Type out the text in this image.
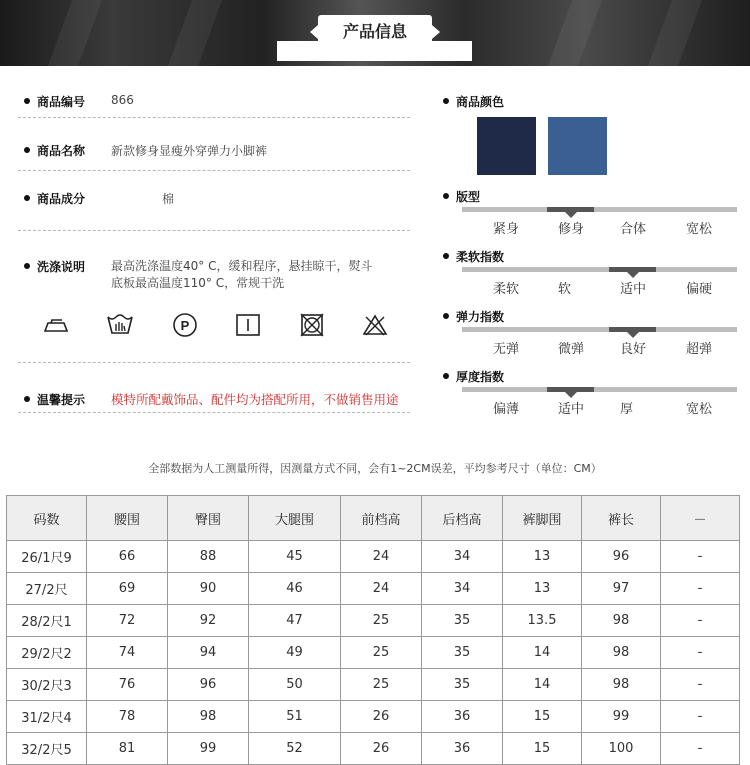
产品信息
商品编号 866
商品名称 新款修身显瘦外穿弹力小脚裤
商品成分	棉
洗涤说明 最高洗涤温度40° C，缓和程序，悬挂晾干，熨斗
底板最高温度110° C，常规干洗
P
温馨提示 模特所配戴饰品、配件均为搭配所用，不做销售用途
商品颜色
版型
紧身	修身	合体	宽松
柔软指数
柔软	软	适中	偏硬
弹力指数
无弹	微弹	良好	超弹
厚度指数
偏薄	适中	厚	宽松
全部数据为人工测量所得，因测量方式不同，会有1~2CM误差，平均参考尺寸（单位：CM）
码数	腰围	臀围	大腿围	前档高	后档高	裤脚围	裤长	－
26/1尺9	66	88	45	24	34	13	96	-
27/2尺	69	90	46	24	34	13	97	-
28/2尺1	72	92	47	25	35	13.5	98	-
29/2尺2	74	94	49	25	35	14	98	-
30/2尺3	76	96	50	25	35	14	98	-
31/2尺4	78	98	51	26	36	15	99	-
32/2尺5	81	99	52	26	36	15	100	-
